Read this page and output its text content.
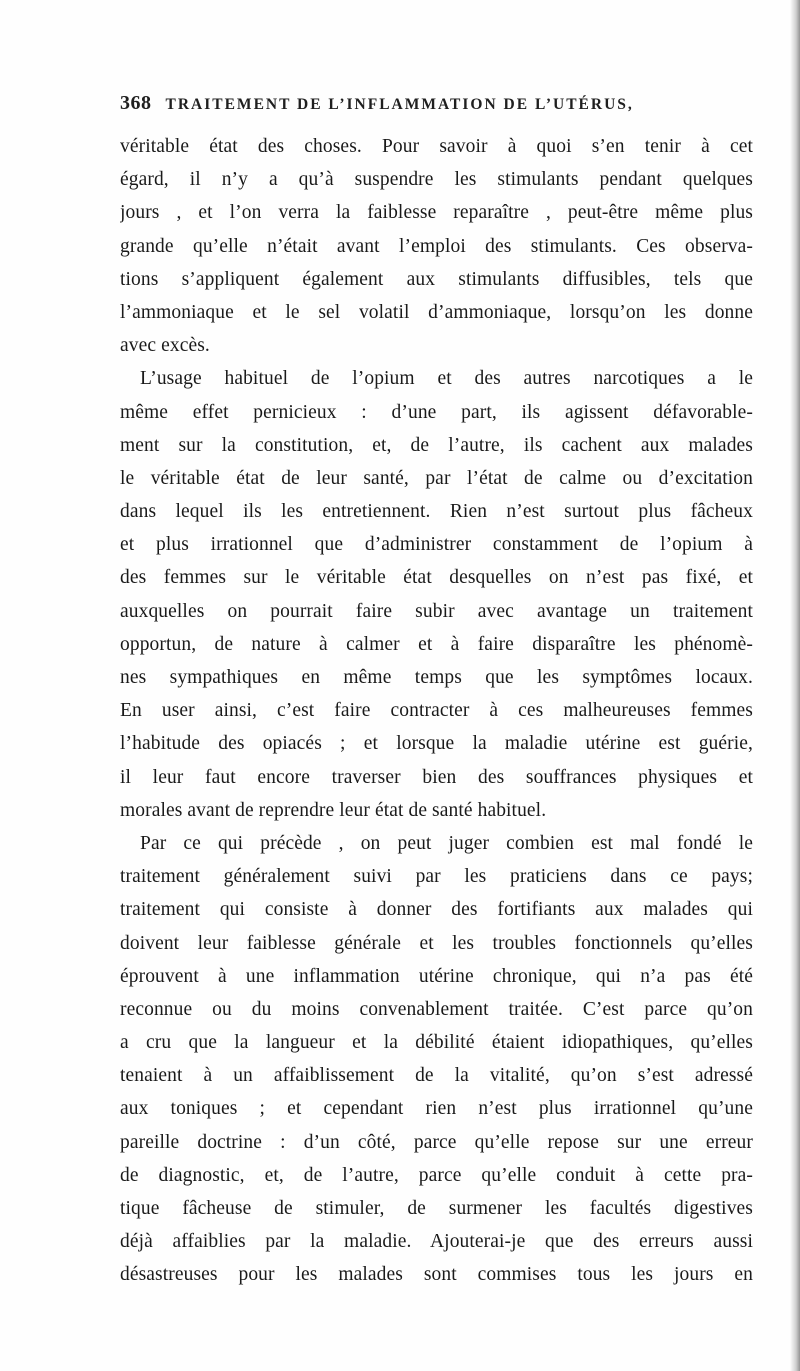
368 TRAITEMENT DE L’INFLAMMATION DE L’UTÉRUS,
véritable état des choses. Pour savoir à quoi s’en tenir à cet
égard, il n’y a qu’à suspendre les stimulants pendant quelques
jours , et l’on verra la faiblesse reparaître , peut-être même plus
grande qu’elle n’était avant l’emploi des stimulants. Ces observa-
tions s’appliquent également aux stimulants diffusibles, tels que
l’ammoniaque et le sel volatil d’ammoniaque, lorsqu’on les donne
avec excès.
L’usage habituel de l’opium et des autres narcotiques a le
même effet pernicieux : d’une part, ils agissent défavorable-
ment sur la constitution, et, de l’autre, ils cachent aux malades
le véritable état de leur santé, par l’état de calme ou d’excitation
dans lequel ils les entretiennent. Rien n’est surtout plus fâcheux
et plus irrationnel que d’administrer constamment de l’opium à
des femmes sur le véritable état desquelles on n’est pas fixé, et
auxquelles on pourrait faire subir avec avantage un traitement
opportun, de nature à calmer et à faire disparaître les phénomè-
nes sympathiques en même temps que les symptômes locaux.
En user ainsi, c’est faire contracter à ces malheureuses femmes
l’habitude des opiacés ; et lorsque la maladie utérine est guérie,
il leur faut encore traverser bien des souffrances physiques et
morales avant de reprendre leur état de santé habituel.
Par ce qui précède , on peut juger combien est mal fondé le
traitement généralement suivi par les praticiens dans ce pays;
traitement qui consiste à donner des fortifiants aux malades qui
doivent leur faiblesse générale et les troubles fonctionnels qu’elles
éprouvent à une inflammation utérine chronique, qui n’a pas été
reconnue ou du moins convenablement traitée. C’est parce qu’on
a cru que la langueur et la débilité étaient idiopathiques, qu’elles
tenaient à un affaiblissement de la vitalité, qu’on s’est adressé
aux toniques ; et cependant rien n’est plus irrationnel qu’une
pareille doctrine : d’un côté, parce qu’elle repose sur une erreur
de diagnostic, et, de l’autre, parce qu’elle conduit à cette pra-
tique fâcheuse de stimuler, de surmener les facultés digestives
déjà affaiblies par la maladie. Ajouterai-je que des erreurs aussi
désastreuses pour les malades sont commises tous les jours en
